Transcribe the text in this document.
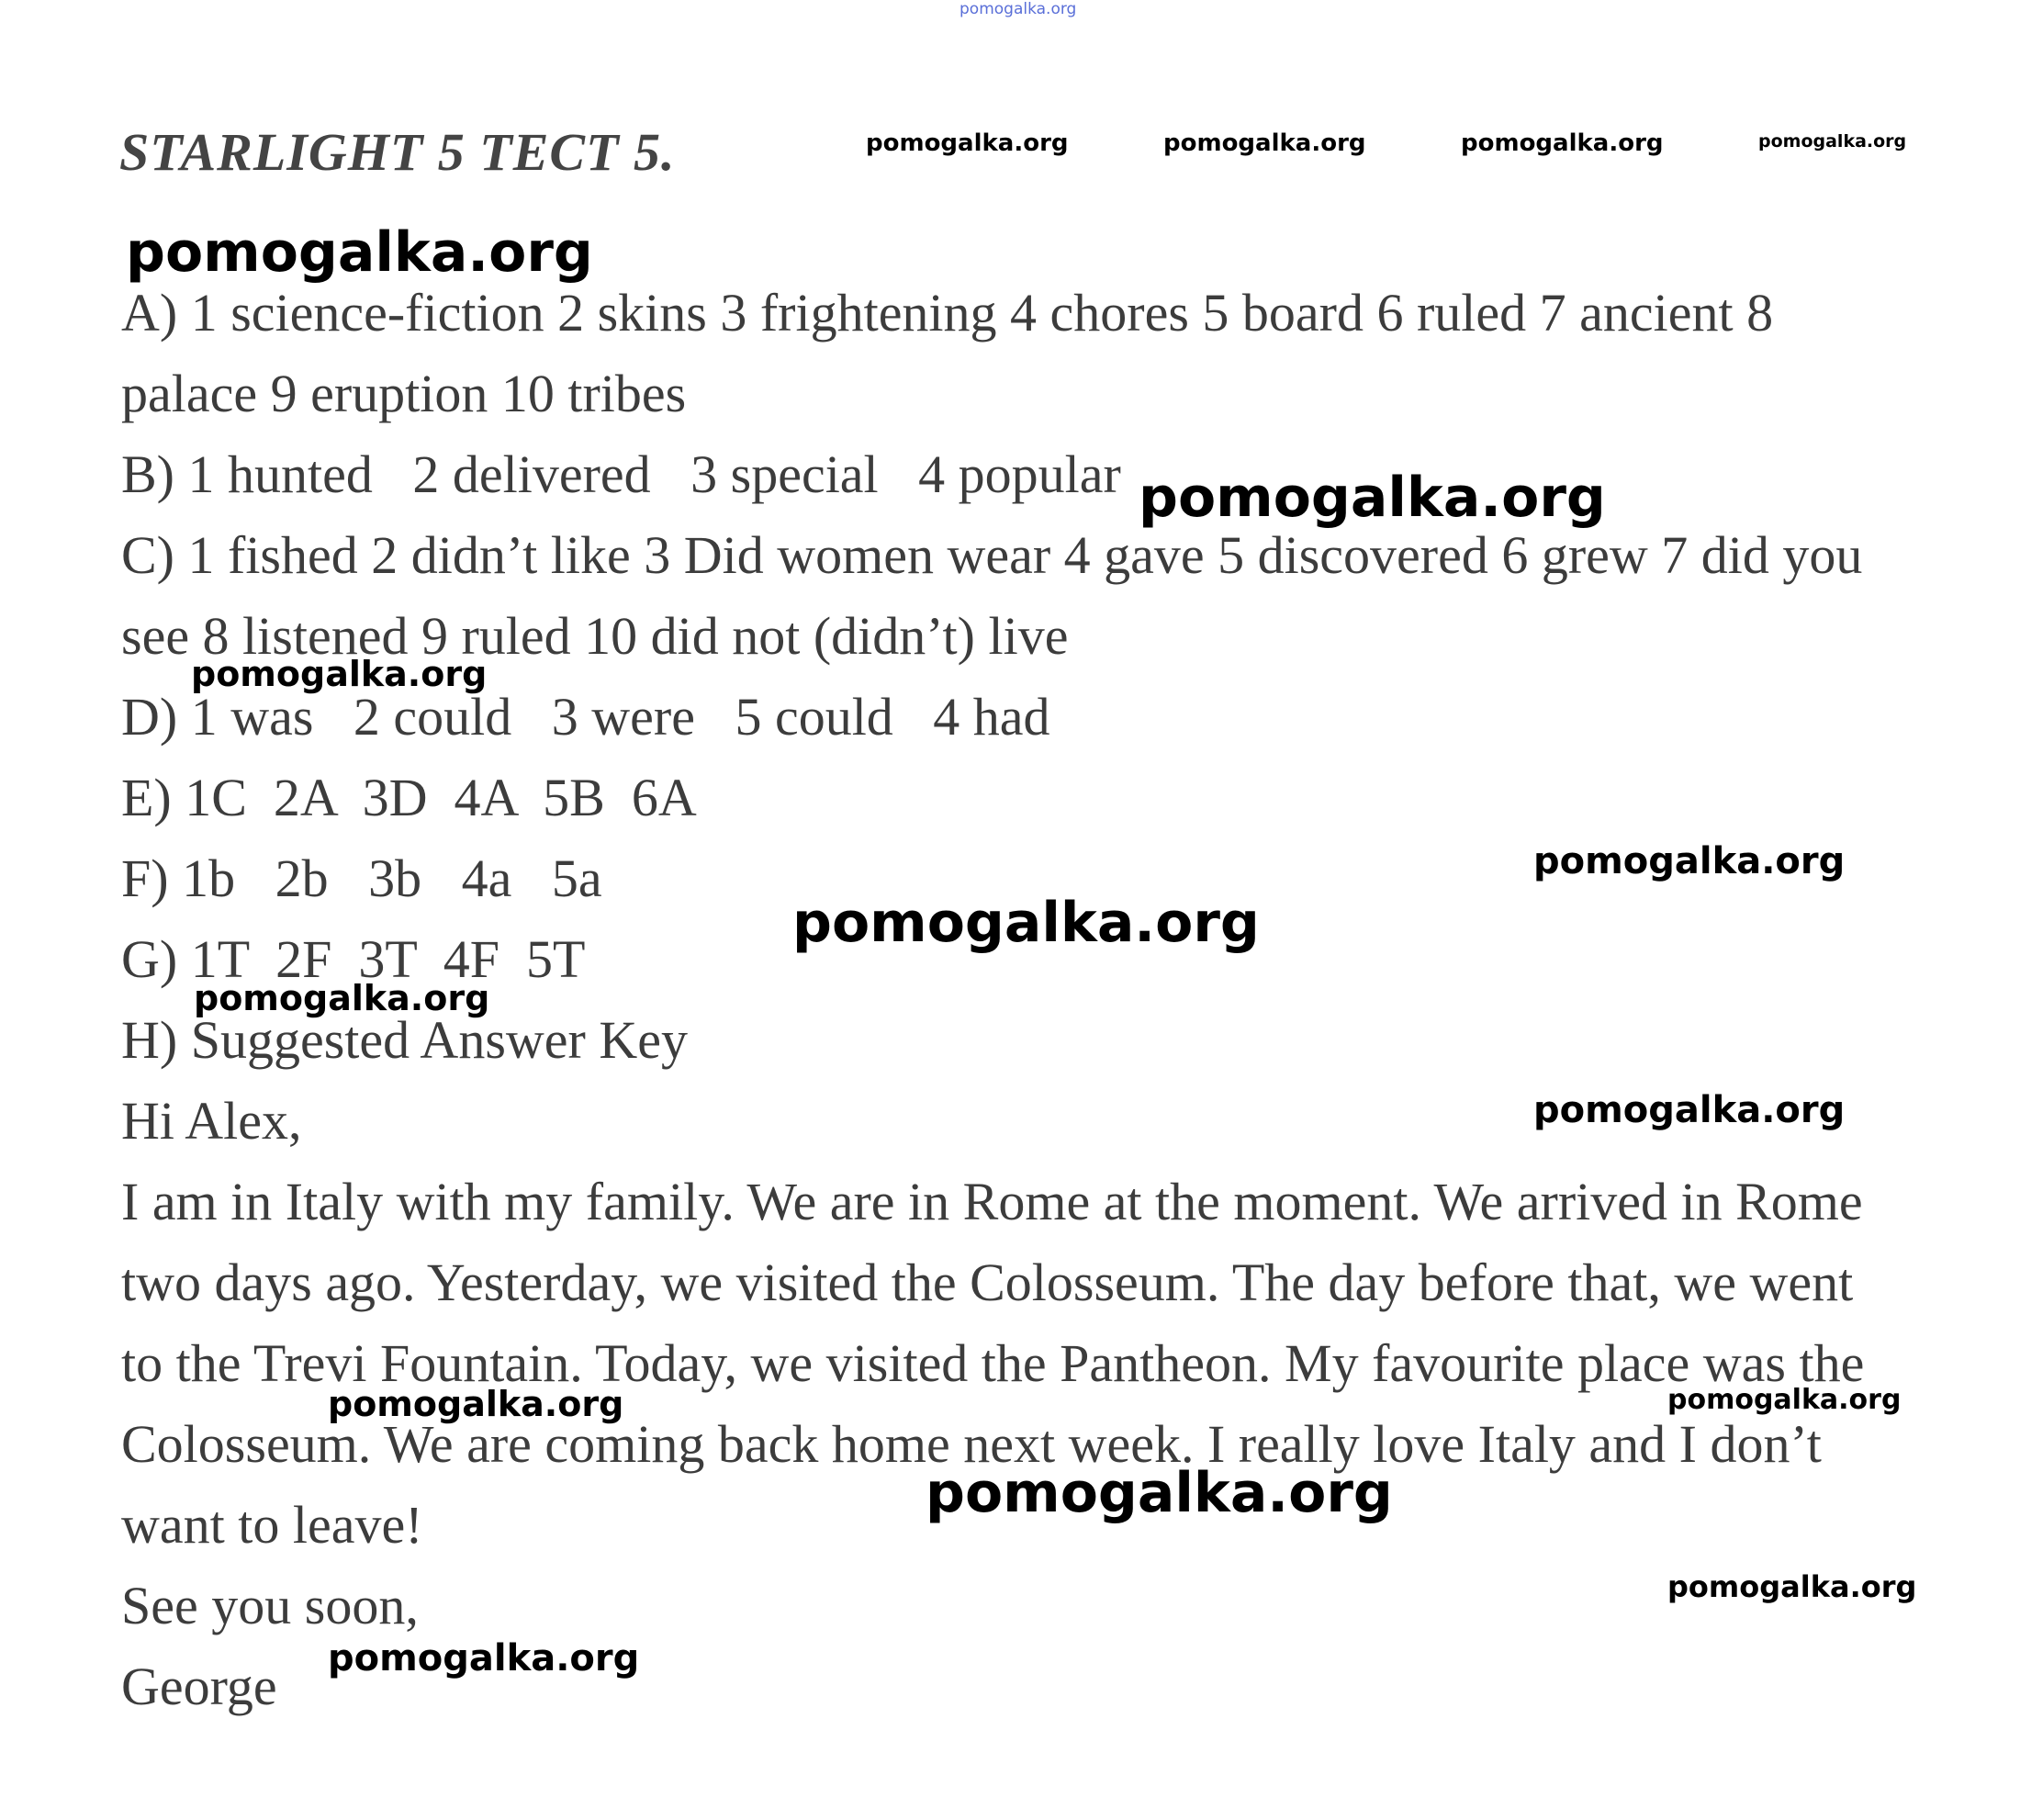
pomogalka.org
STARLIGHT 5 TECT 5.
A) 1 science-fiction 2 skins 3 frightening 4 chores 5 board 6 ruled 7 ancient 8
palace 9 eruption 10 tribes
B) 1 hunted   2 delivered   3 special   4 popular
C) 1 fished 2 didn’t like 3 Did women wear 4 gave 5 discovered 6 grew 7 did you
see 8 listened 9 ruled 10 did not (didn’t) live
D) 1 was   2 could   3 were   5 could   4 had
E) 1C  2A  3D  4A  5B  6A
F) 1b   2b   3b   4a   5a
G) 1T  2F  3T  4F  5T
H) Suggested Answer Key
Hi Alex,
I am in Italy with my family. We are in Rome at the moment. We arrived in Rome
two days ago. Yesterday, we visited the Colosseum. The day before that, we went
to the Trevi Fountain. Today, we visited the Pantheon. My favourite place was the
Colosseum. We are coming back home next week. I really love Italy and I don’t
want to leave!
See you soon,
George
pomogalka.org	pomogalka.org	pomogalka.org	pomogalka.org
pomogalka.org
pomogalka.org
pomogalka.org
pomogalka.org
pomogalka.org
pomogalka.org
pomogalka.org
pomogalka.org	pomogalka.org
pomogalka.org
pomogalka.org
pomogalka.org
